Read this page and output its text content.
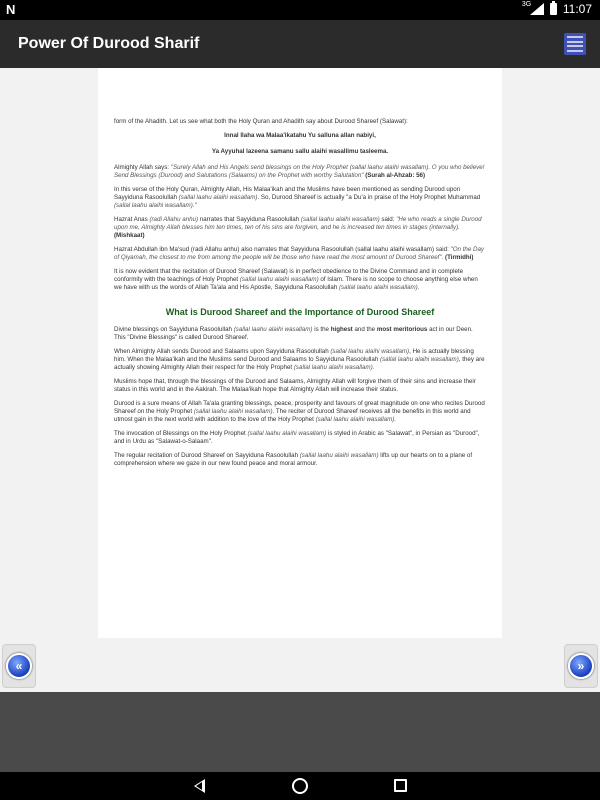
N	3G	11:07
Power Of Durood Sharif

form of the Ahadith. Let us see what both the Holy Quran and Ahadith say about Durood Shareef (Salawat):

Innal llaha wa Malaa'ikatahu Yu salluna allan nabiyi,

Ya Ayyuhal lazeena samanu sallu alaihi wasallimu tasleema.

Almighty Allah says: "Surely Allah and His Angels send blessings on the Holy Prophet (sallal laahu alaihi wasallam). O you who believe! Send Blessings (Durood) and Salutations (Salaams) on the Prophet with worthy Salutation" (Surah al-Ahzab: 56)

In this verse of the Holy Quran, Almighty Allah, His Malaa'ikah and the Muslims have been mentioned as sending Durood upon Sayyiduna Rasoolullah (sallal laahu alaihi wasallam). So, Durood Shareef is actually "a Du'a in praise of the Holy Prophet Muhammad (sallal laahu alaihi wasallam)."

Hazrat Anas (radi Allahu anhu) narrates that Sayyiduna Rasoolullah (sallal laahu alaihi wasallam) said: "He who reads a single Durood upon me, Almighty Allah blesses him ten times, ten of his sins are forgiven, and he is increased ten times in stages (internally). (Mishkaat)

Hazrat Abdullah ibn Ma'sud (radi Allahu anhu) also narrates that Sayyiduna Rasoolullah (sallal laahu alaihi wasallam) said: "On the Day of Qiyamah, the closest to me from among the people will be those who have read the most amount of Durood Shareef". (Tirmidhi)

It is now evident that the recitation of Durood Shareef (Salawat) is in perfect obedience to the Divine Command and in complete conformity with the teachings of Holy Prophet (sallal laahu alaihi wasallam) of Islam. There is no scope to choose anything else when we have with us the words of Allah Ta'ala and His Apostle, Sayyiduna Rasoolullah (sallal laahu alaihi wasallam).

What is Durood Shareef and the Importance of Durood Shareef

Divine blessings on Sayyiduna Rasoolullah (sallal laahu alaihi wasallam) is the highest and the most meritorious act in our Deen. This "Divine Blessings" is called Durood Shareef.

When Almighty Allah sends Durood and Salaams upon Sayyiduna Rasoolullah (sallal laahu alaihi wasallam), He is actually blessing him. When the Malaa'ikah and the Muslims send Durood and Salaams to Sayyiduna Rasoolullah (sallal laahu alaihi wasallam), they are actually showing Almighty Allah their respect for the Holy Prophet (sallal laahu alaihi wasallam).

Muslims hope that, through the blessings of the Durood and Salaams, Almighty Allah will forgive them of their sins and increase their status in this world and in the Aakirah. The Malaa'ikah hope that Almighty Allah will increase their status.

Durood is a sure means of Allah Ta'ala granting blessings, peace, prosperity and favours of great magnitude on one who recites Durood Shareef on the Holy Prophet (sallal laahu alaihi wasallam). The reciter of Durood Shareef receives all the benefits in this world and utmost gain in the next world with addition to the love of the Holy Prophet (sallal laahu alaihi wasallam).

The invocation of Blessings on the Holy Prophet (sallal laahu alaihi wasallam) is styled in Arabic as "Salawat", in Persian as "Durood", and in Urdu as "Salawat-o-Salaam".

The regular recitation of Durood Shareef on Sayyiduna Rasoolullah (sallal laahu alaihi wasallam) lifts up our hearts on to a plane of comprehension where we gaze in our new found peace and moral armour.

«	»
